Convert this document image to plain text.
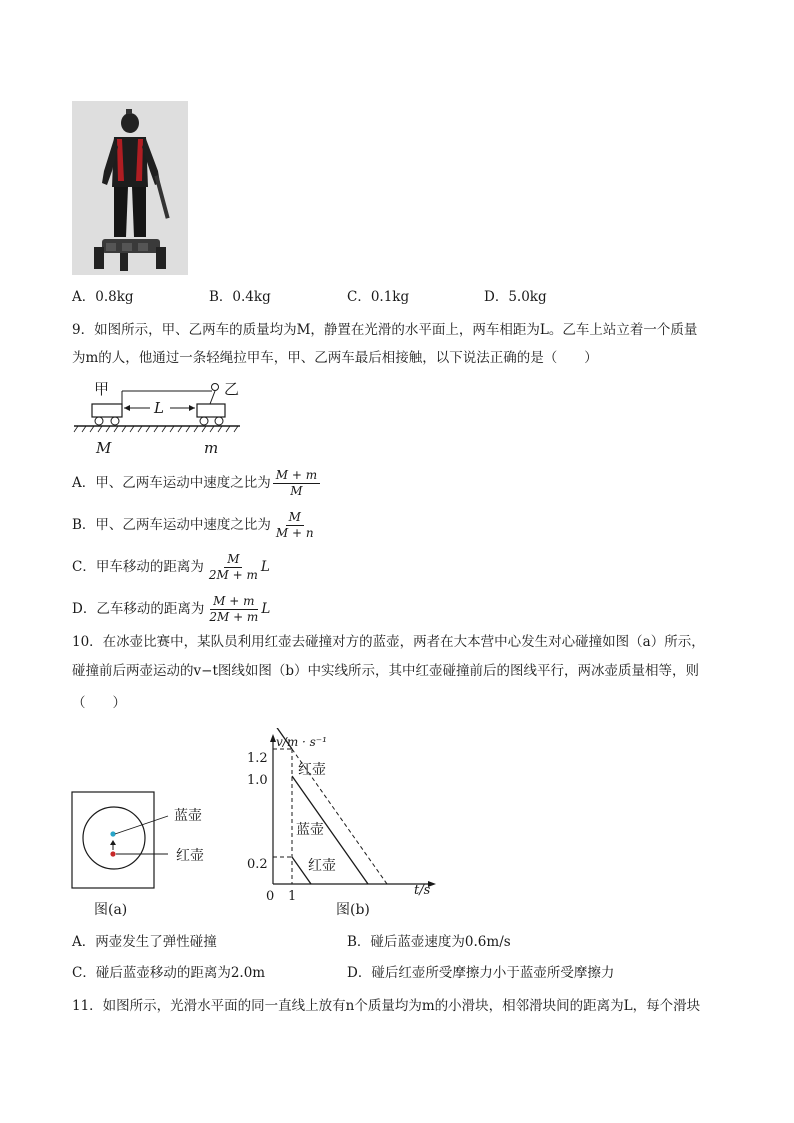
A．0.8kg	B．0.4kg	C．0.1kg	D．5.0kg
9．如图所示，甲、乙两车的质量均为M，静置在光滑的水平面上，两车相距为L。乙车上站立着一个质量
为m的人，他通过一条轻绳拉甲车，甲、乙两车最后相接触，以下说法正确的是（　　）
甲	乙
L
M	m
A．甲、乙两车运动中速度之比为 $\frac{M + m}{M}$
B．甲、乙两车运动中速度之比为 $\frac{M}{M + n}$
C．甲车移动的距离为 $\frac{M}{2M + m}$ L
D．乙车移动的距离为 $\frac{M + m}{2M + m}$ L
10．在冰壶比赛中，某队员利用红壶去碰撞对方的蓝壶，两者在大本营中心发生对心碰撞如图（a）所示，
碰撞前后两壶运动的v−t图线如图（b）中实线所示，其中红壶碰撞前后的图线平行，两冰壶质量相等，则
（　　）
蓝壶
红壶
图(a)
v/m · s⁻¹
t/s
1.2
1.0
0.2
0 1
红壶
蓝壶
红壶
图(b)
A．两壶发生了弹性碰撞	B．碰后蓝壶速度为0.6m/s
C．碰后蓝壶移动的距离为2.0m	D．碰后红壶所受摩擦力小于蓝壶所受摩擦力
11．如图所示，光滑水平面的同一直线上放有n个质量均为m的小滑块，相邻滑块间的距离为L，每个滑块
